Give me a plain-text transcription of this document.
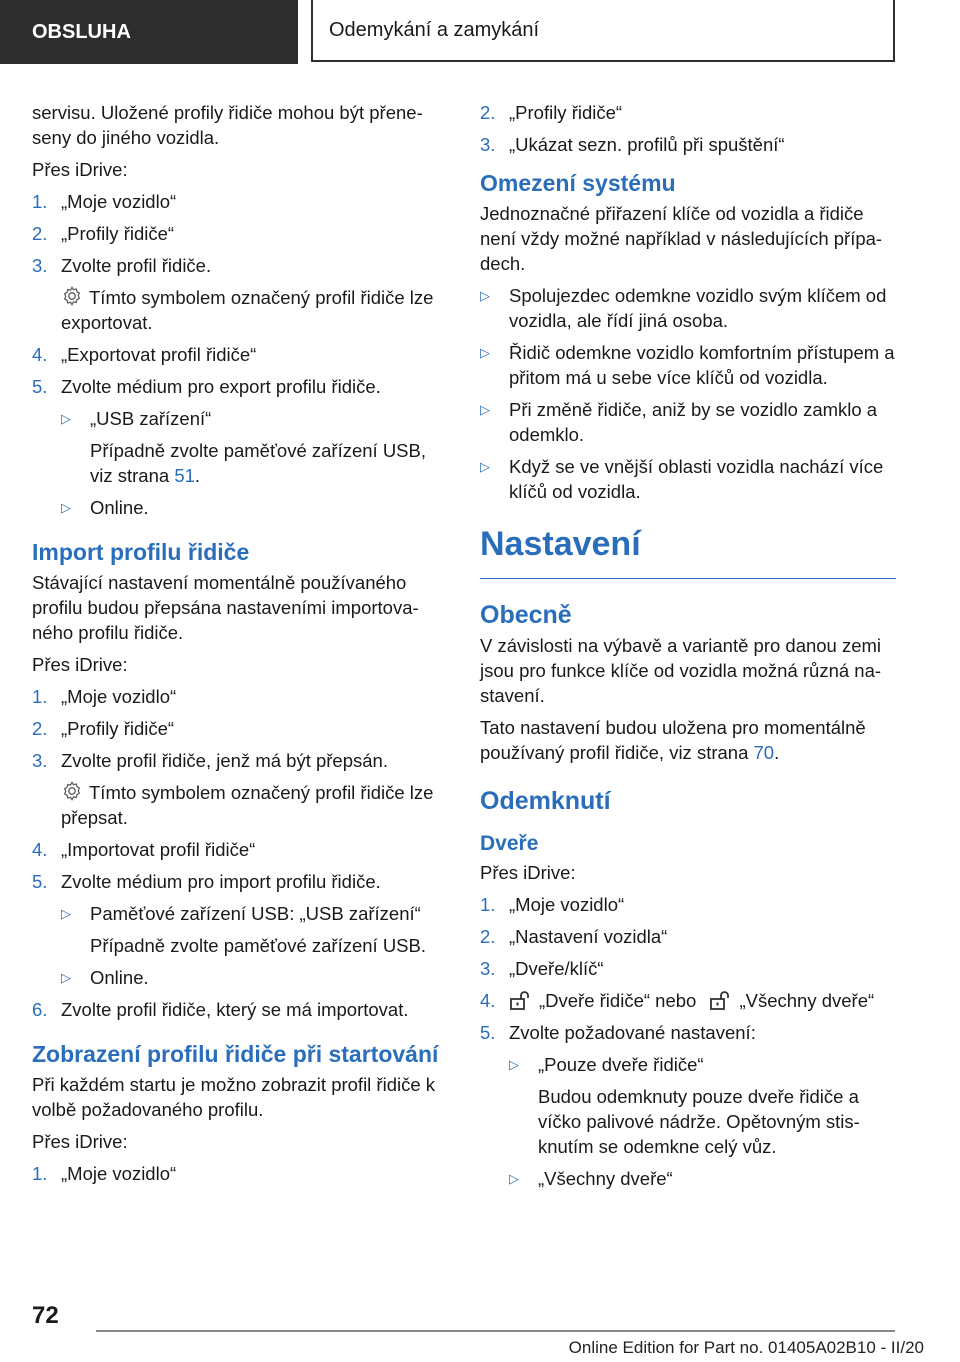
OBSLUHA	Odemykání a zamykání

servisu. Uložené profily řidiče mohou být přeneseny do jiného vozidla.

Přes iDrive:

1. „Moje vozidlo“
2. „Profily řidiče“
3. Zvolte profil řidiče.

Tímto symbolem označený profil řidiče lze exportovat.

4. „Exportovat profil řidiče“
5. Zvolte médium pro export profilu řidiče.
▷	„USB zařízení“

Případně zvolte paměťové zařízení USB, viz strana 51.

▷	Online.
Import profilu řidiče

Stávající nastavení momentálně používaného profilu budou přepsána nastaveními importovaného profilu řidiče.

Přes iDrive:

1. „Moje vozidlo“
2. „Profily řidiče“
3. Zvolte profil řidiče, jenž má být přepsán.

Tímto symbolem označený profil řidiče lze přepsat.

4. „Importovat profil řidiče“
5. Zvolte médium pro import profilu řidiče.
▷	Paměťové zařízení USB: „USB zařízení“

Případně zvolte paměťové zařízení USB.

▷	Online.
6. Zvolte profil řidiče, který se má importovat.
Zobrazení profilu řidiče při startování

Při každém startu je možno zobrazit profil řidiče k volbě požadovaného profilu.

Přes iDrive:

1. „Moje vozidlo“
2. „Profily řidiče“
3. „Ukázat sezn. profilů při spuštění“
Omezení systému

Jednoznačné přiřazení klíče od vozidla a řidiče není vždy možné například v následujících případech.

▷	Spolujezdec odemkne vozidlo svým klíčem od vozidla, ale řídí jiná osoba.
▷	Řidič odemkne vozidlo komfortním přístupem a přitom má u sebe více klíčů od vozidla.
▷	Při změně řidiče, aniž by se vozidlo zamklo a odemklo.
▷	Když se ve vnější oblasti vozidla nachází více klíčů od vozidla.
Nastavení
Obecně

V závislosti na výbavě a variantě pro danou zemi jsou pro funkce klíče od vozidla možná různá nastavení.

Tato nastavení budou uložena pro momentálně používaný profil řidiče, viz strana 70.

Odemknutí
Dveře

Přes iDrive:

1. „Moje vozidlo“
2. „Nastavení vozidla“
3. „Dveře/klíč“
4.	„Dveře řidiče“ nebo „Všechny dveře“
5. Zvolte požadované nastavení:
▷	„Pouze dveře řidiče“

Budou odemknuty pouze dveře řidiče a víčko palivové nádrže. Opětovným stisknutím se odemkne celý vůz.

▷	„Všechny dveře“
72
Online Edition for Part no. 01405A02B10 - II/20
